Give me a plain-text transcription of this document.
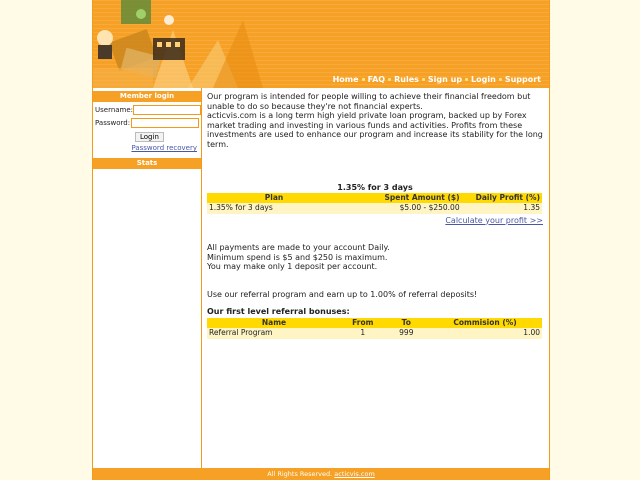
Home FAQ Rules Sign up Login Support
Member login
Username:
Password:
Login
Password recovery
Stats

Our program is intended for people willing to achieve their financial freedom but unable to do so because they're not financial experts.

acticvis.com is a long term high yield private loan program, backed up by Forex market trading and investing in various funds and activities. Profits from these investments are used to enhance our program and increase its stability for the long term.

1.35% for 3 days
Plan	Spent Amount ($)	Daily Profit (%)
1.35% for 3 days	$5.00 - $250.00	1.35
Calculate your profit >>

All payments are made to your account Daily.

Minimum spend is $5 and $250 is maximum.

You may make only 1 deposit per account.

Use our referral program and earn up to 1.00% of referral deposits!
Our first level referral bonuses:
Name	From	To	Commision (%)
Referral Program	1	999	1.00
All Rights Reserved. acticvis.com
